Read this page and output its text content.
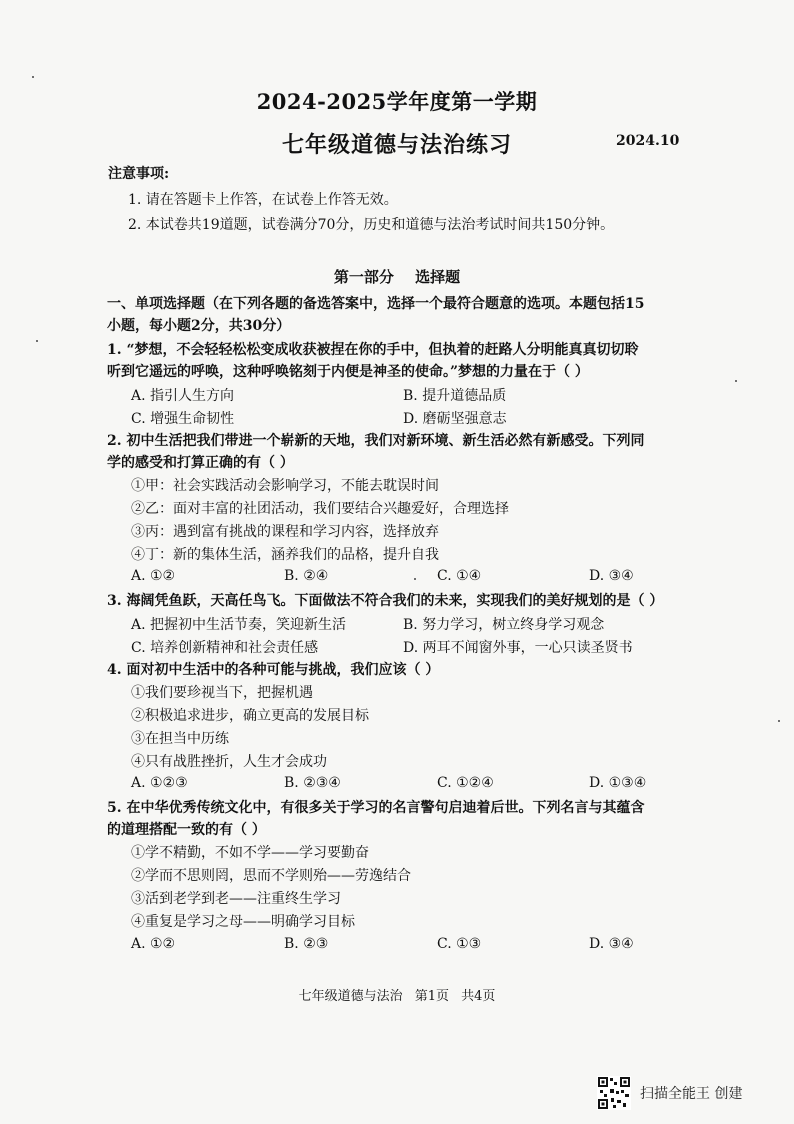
2024-2025学年度第一学期
七年级道德与法治练习	2024.10
注意事项:
1. 请在答题卡上作答，在试卷上作答无效。
2. 本试卷共19道题，试卷满分70分，历史和道德与法治考试时间共150分钟。
第一部分 选择题
一、单项选择题（在下列各题的备选答案中，选择一个最符合题意的选项。本题包括15
小题，每小题2分，共30分）
1. “梦想，不会轻轻松松变成收获被捏在你的手中，但执着的赶路人分明能真真切切聆
听到它遥远的呼唤，这种呼唤铭刻于内便是神圣的使命。”梦想的力量在于（ ）
A. 指引人生方向	B. 提升道德品质
C. 增强生命韧性	D. 磨砺坚强意志
2. 初中生活把我们带进一个崭新的天地，我们对新环境、新生活必然有新感受。下列同
学的感受和打算正确的有（ ）
①甲：社会实践活动会影响学习，不能去耽误时间
②乙：面对丰富的社团活动，我们要结合兴趣爱好，合理选择
③丙：遇到富有挑战的课程和学习内容，选择放弃
④丁：新的集体生活，涵养我们的品格，提升自我
A. ①②	B. ②④	C. ①④	D. ③④
3. 海阔凭鱼跃，天高任鸟飞。下面做法不符合我们的未来，实现我们的美好规划的是（ ）
A. 把握初中生活节奏，笑迎新生活	B. 努力学习，树立终身学习观念
C. 培养创新精神和社会责任感	D. 两耳不闻窗外事，一心只读圣贤书
4. 面对初中生活中的各种可能与挑战，我们应该（ ）
①我们要珍视当下，把握机遇
②积极追求进步，确立更高的发展目标
③在担当中历练
④只有战胜挫折，人生才会成功
A. ①②③	B. ②③④	C. ①②④	D. ①③④
5. 在中华优秀传统文化中，有很多关于学习的名言警句启迪着后世。下列名言与其蕴含
的道理搭配一致的有（ ）
①学不精勤，不如不学——学习要勤奋
②学而不思则罔，思而不学则殆——劳逸结合
③活到老学到老——注重终生学习
④重复是学习之母——明确学习目标
A. ①②	B. ②③	C. ①③	D. ③④
七年级道德与法治 第1页 共4页
扫描全能王 创建
